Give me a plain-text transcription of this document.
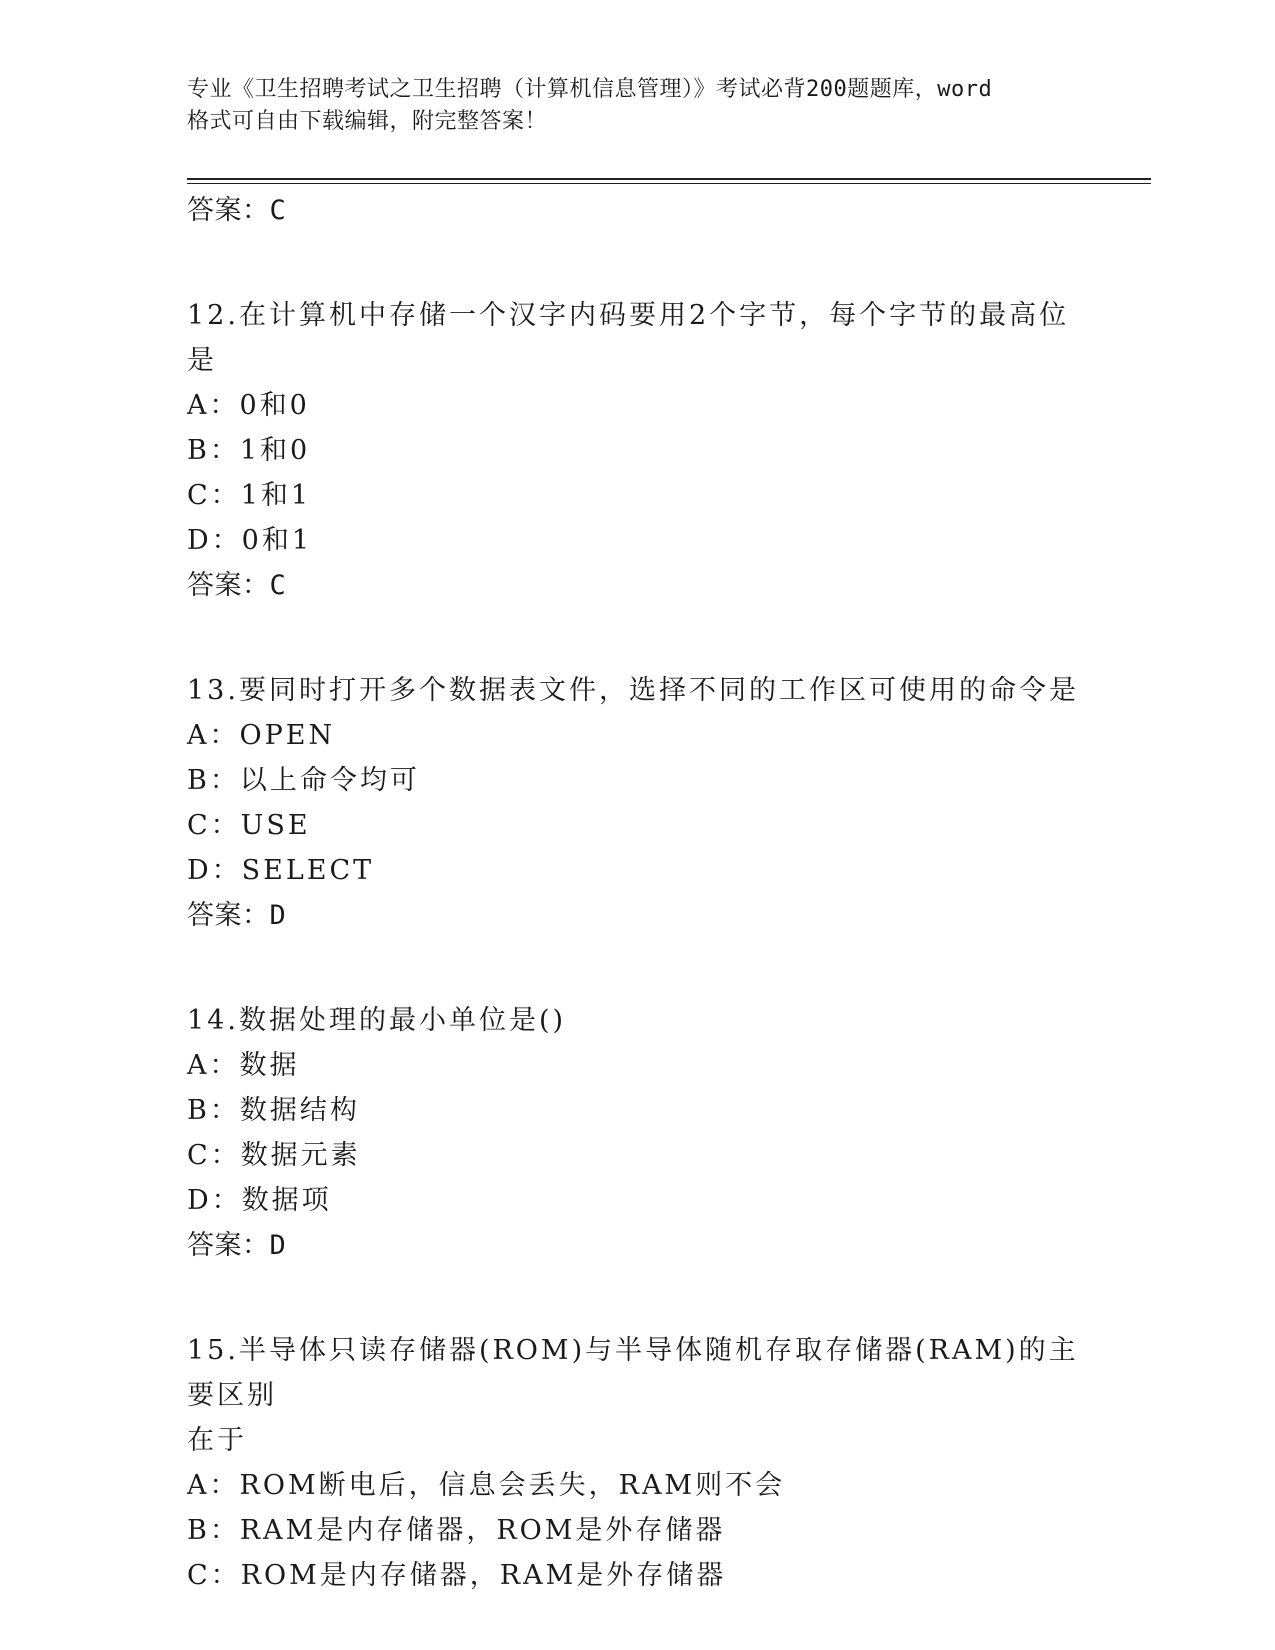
专业《卫生招聘考试之卫生招聘（计算机信息管理）》考试必背200题题库，word
格式可自由下载编辑，附完整答案！
答案：C
12.在计算机中存储一个汉字内码要用2个字节，每个字节的最高位是
A：0和0
B：1和0
C：1和1
D：0和1
答案：C
13.要同时打开多个数据表文件，选择不同的工作区可使用的命令是
A：OPEN
B：以上命令均可
C：USE
D：SELECT
答案：D
14.数据处理的最小单位是()
A：数据
B：数据结构
C：数据元素
D：数据项
答案：D
15.半导体只读存储器(ROM)与半导体随机存取存储器(RAM)的主要区别
在于
A：ROM断电后，信息会丢失，RAM则不会
B：RAM是内存储器，ROM是外存储器
C：ROM是内存储器，RAM是外存储器
